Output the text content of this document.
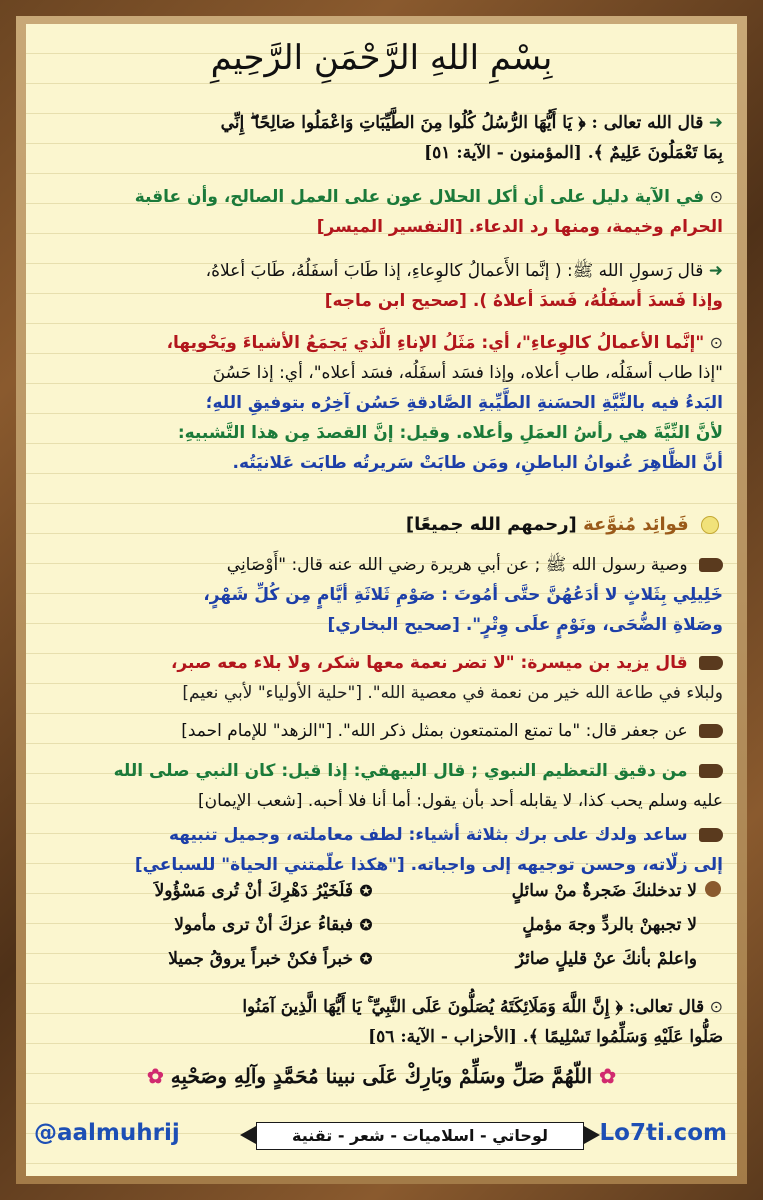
بِسْمِ اللهِ الرَّحْمَنِ الرَّحِيمِ

➜ قال الله تعالى : ﴿ يَا أَيُّهَا الرُّسُلُ كُلُوا مِنَ الطَّيِّبَاتِ وَاعْمَلُوا صَالِحًا ۖ إِنِّي

بِمَا تَعْمَلُونَ عَلِيمٌ ﴾. [المؤمنون - الآية: ٥١]

⊙ في الآية دليل على أن أكل الحلال عون على العمل الصالح، وأن عاقبة

الحرام وخيمة، ومنها رد الدعاء. [التفسير الميسر]

➜ قال رَسولِ الله ﷺ: ( إنَّما الأَعمالُ كالوِعاءِ، إذا طَابَ أسفَلُهُ، طَابَ أعلاهُ،

وإذا فَسدَ أسفَلُهُ، فَسدَ أعلاهُ ). [صحيح ابن ماجه]

⊙ "إنَّما الأعمالُ كالوِعاءِ"، أي: مَثَلُ الإناءِ الَّذي يَجمَعُ الأشياءَ ويَحْويها،

"إذا طاب أسفَلُه، طاب أعلاه، وإذا فسَد أسفَلُه، فسَد أعلاه"، أي: إذا حَسُنَ

البَدءُ فيه بالنِّيَّةِ الحسَنةِ الطَّيِّبةِ الصَّادقةِ حَسُن آخِرُه بتوفيقِ اللهِ؛

لأنَّ النِّيَّةَ هي رأسُ العمَلِ وأعلاه. وقيل: إنَّ القصدَ مِن هذا التَّشبيهِ:

أنَّ الظَّاهِرَ عُنوانُ الباطنِ، ومَن طابَتْ سَريرتُه طابَت عَلانيَتُه.

فَوائِد مُنوَّعة [رحمهم الله جميعًا]

وصية رسول الله ﷺ ; عن أبي هريرة رضي الله عنه قال: "أَوْصَانِي

خَلِيلِي بِثَلاثٍ لا أدَعُهُنَّ حتَّى أمُوتَ : صَوْمِ ثَلاثَةِ أيَّامٍ مِن كُلِّ شَهْرٍ،

وصَلاةِ الضُّحَى، ونَوْمٍ علَى وِتْرٍ". [صحيح البخاري]

قال يزيد بن ميسرة: "لا تضر نعمة معها شكر، ولا بلاء معه صبر،

ولبلاء في طاعة الله خير من نعمة في معصية الله". ["حلية الأولياء" لأبي نعيم]

عن جعفر قال: "ما تمتع المتمتعون بمثل ذكر الله". ["الزهد" للإمام احمد]

من دقيق التعظيم النبوي ; قال البيهقي: إذا قيل: كان النبي صلى الله

عليه وسلم يحب كذا، لا يقابله أحد بأن يقول: أما أنا فلا أحبه. [شعب الإيمان]

ساعد ولدك على برك بثلاثة أشياء: لطف معاملته، وجميل تنبيهه

إلى زلّاته، وحسن توجيهه إلى واجباته. ["هكذا علّمتني الحياة" للسباعي]

لا تدخلنكَ ضَجرةٌ منْ سائلٍ
✪
فَلَخَيْرُ دَهْرِكَ أنْ تُرى مَسْؤُولاَ
لا تجبهنْ بالردِّ وجهَ مؤملٍ
✪
فبقاءُ عزكَ أنْ ترى مأمولا
واعلمْ بأنكَ عنْ قليلٍ صائرٌ
✪
خبراً فكنْ خبراً يروقُ جميلا

⊙ قال تعالى: ﴿ إِنَّ اللَّهَ وَمَلَائِكَتَهُ يُصَلُّونَ عَلَى النَّبِيِّ ۚ يَا أَيُّهَا الَّذِينَ آمَنُوا

صَلُّوا عَلَيْهِ وَسَلِّمُوا تَسْلِيمًا ﴾. [الأحزاب - الآية: ٥٦]

✿ اللّهُمَّ صَلِّ وسَلِّمْ وبَارِكْ عَلَى نبينا مُحَمَّدٍ وآلِهِ وصَحْبِهِ ✿
@aalmuhrij	لوحاتي - اسلاميات - شعر - تقنية	Lo7ti.com
